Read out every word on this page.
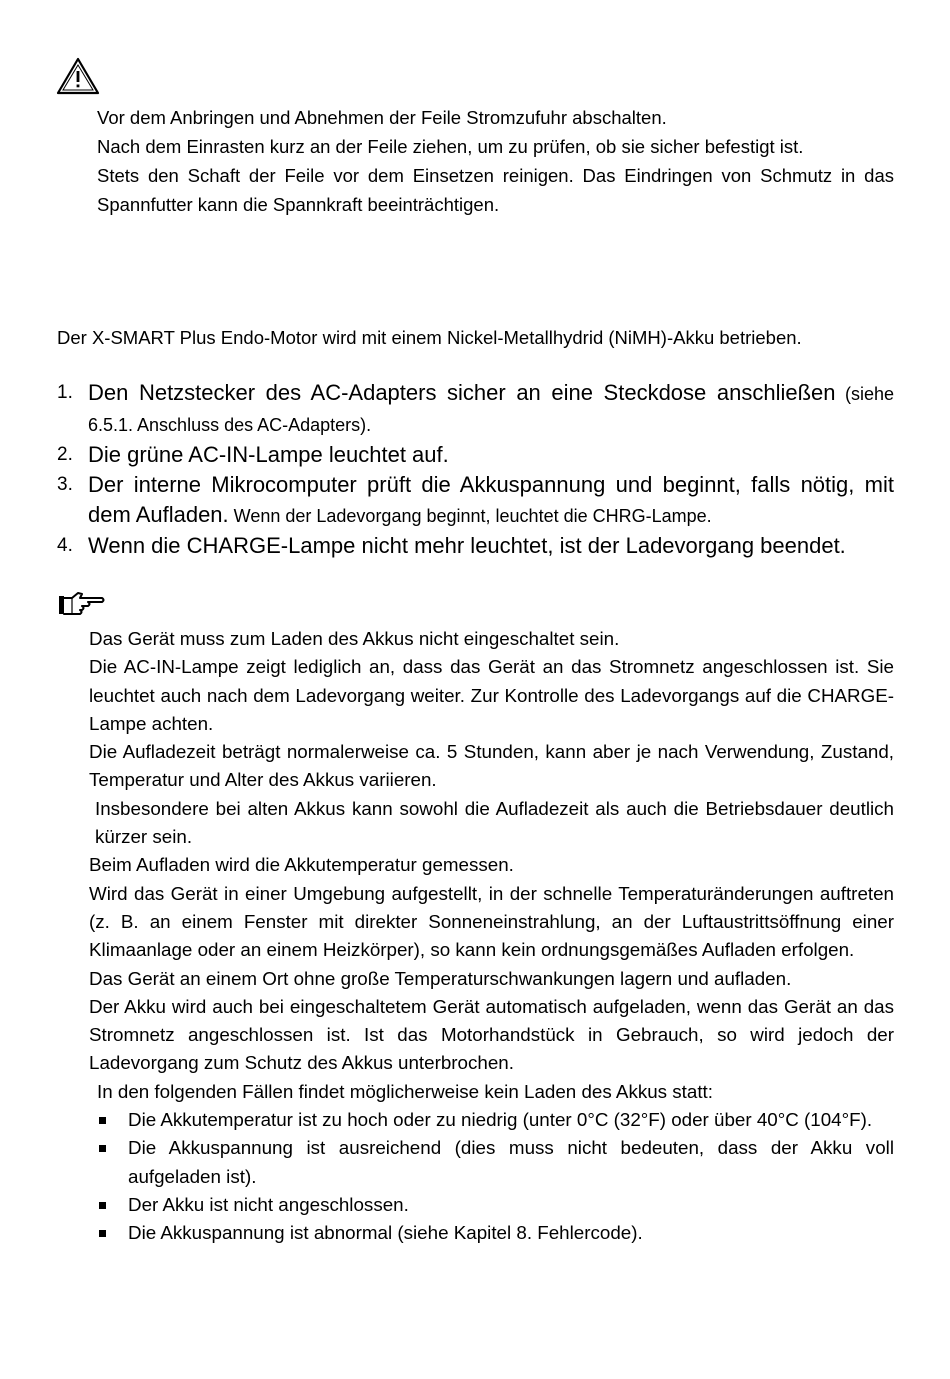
Vor dem Anbringen und Abnehmen der Feile Stromzufuhr abschalten.

Nach dem Einrasten kurz an der Feile ziehen, um zu prüfen, ob sie sicher befestigt ist.

Stets den Schaft der Feile vor dem Einsetzen reinigen. Das Eindringen von Schmutz in das Spannfutter kann die Spannkraft beeinträchtigen.

Der X-SMART Plus Endo-Motor wird mit einem Nickel-Metallhydrid (NiMH)-Akku betrieben.
1. Den Netzstecker des AC-Adapters sicher an eine Steckdose anschließen (siehe 6.5.1. Anschluss des AC-Adapters).
2. Die grüne AC-IN-Lampe leuchtet auf.
3. Der interne Mikrocomputer prüft die Akkuspannung und beginnt, falls nötig, mit dem Aufladen. Wenn der Ladevorgang beginnt, leuchtet die CHRG-Lampe.
4. Wenn die CHARGE-Lampe nicht mehr leuchtet, ist der Ladevorgang beendet.

Das Gerät muss zum Laden des Akkus nicht eingeschaltet sein.

Die AC-IN-Lampe zeigt lediglich an, dass das Gerät an das Stromnetz angeschlossen ist. Sie leuchtet auch nach dem Ladevorgang weiter. Zur Kontrolle des Ladevorgangs auf die CHARGE-Lampe achten.

Die Aufladezeit beträgt normalerweise ca. 5 Stunden, kann aber je nach Verwendung, Zustand, Temperatur und Alter des Akkus variieren.

Insbesondere bei alten Akkus kann sowohl die Aufladezeit als auch die Betriebsdauer deutlich kürzer sein.

Beim Aufladen wird die Akkutemperatur gemessen.

Wird das Gerät in einer Umgebung aufgestellt, in der schnelle Temperaturänderungen auftreten (z. B. an einem Fenster mit direkter Sonneneinstrahlung, an der Luftaustrittsöffnung einer Klimaanlage oder an einem Heizkörper), so kann kein ordnungsgemäßes Aufladen erfolgen.

Das Gerät an einem Ort ohne große Temperaturschwankungen lagern und aufladen.

Der Akku wird auch bei eingeschaltetem Gerät automatisch aufgeladen, wenn das Gerät an das Stromnetz angeschlossen ist. Ist das Motorhandstück in Gebrauch, so wird jedoch der Ladevorgang zum Schutz des Akkus unterbrochen.

In den folgenden Fällen findet möglicherweise kein Laden des Akkus statt:

Die Akkutemperatur ist zu hoch oder zu niedrig (unter 0°C (32°F) oder über 40°C (104°F).
Die Akkuspannung ist ausreichend (dies muss nicht bedeuten, dass der Akku voll aufgeladen ist).
Der Akku ist nicht angeschlossen.
Die Akkuspannung ist abnormal (siehe Kapitel 8. Fehlercode).
